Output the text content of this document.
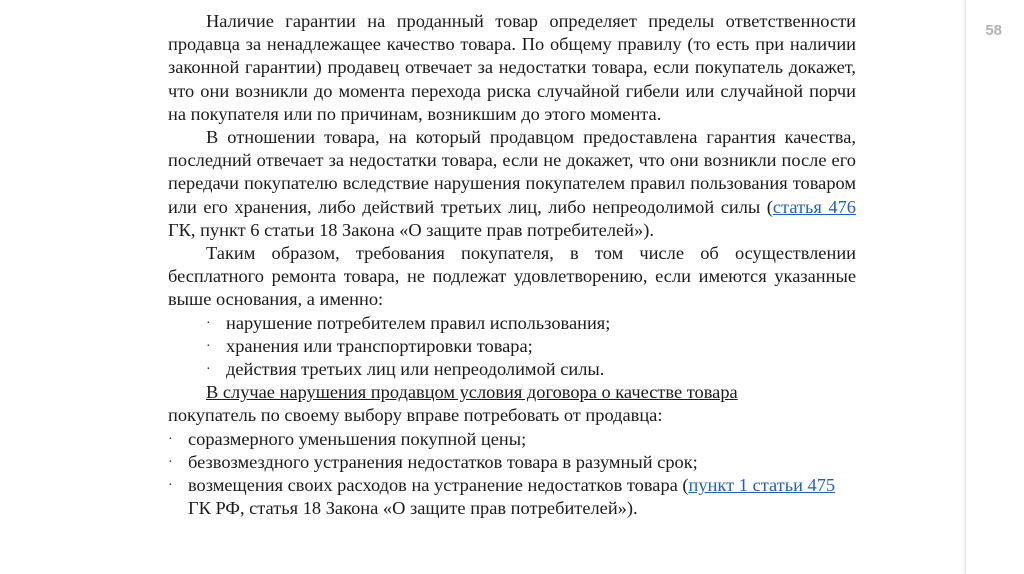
58

Наличие гарантии на проданный товар определяет пределы ответственности продавца за ненадлежащее качество товара. По общему правилу (то есть при наличии законной гарантии) продавец отвечает за недостатки товара, если покупатель докажет, что они возникли до момента перехода риска случайной гибели или случайной порчи на покупателя или по причинам, возникшим до этого момента.

В отношении товара, на который продавцом предоставлена гарантия качества, последний отвечает за недостатки товара, если не докажет, что они возникли после его передачи покупателю вследствие нарушения покупателем правил пользования товаром или его хранения, либо действий третьих лиц, либо непреодолимой силы (статья 476 ГК, пункт 6 статьи 18 Закона «О защите прав потребителей»).

Таким образом, требования покупателя, в том числе об осуществлении бесплатного ремонта товара, не подлежат удовлетворению, если имеются указанные выше основания, а именно:

· нарушение потребителем правил использования;
· хранения или транспортировки товара;
· действия третьих лиц или непреодолимой силы.

В случае нарушения продавцом условия договора о качестве товара

покупатель по своему выбору вправе потребовать от продавца:

· соразмерного уменьшения покупной цены;
· безвозмездного устранения недостатков товара в разумный срок;
· возмещения своих расходов на устранение недостатков товара (пункт 1 статьи 475 ГК РФ, статья 18 Закона «О защите прав потребителей»).
